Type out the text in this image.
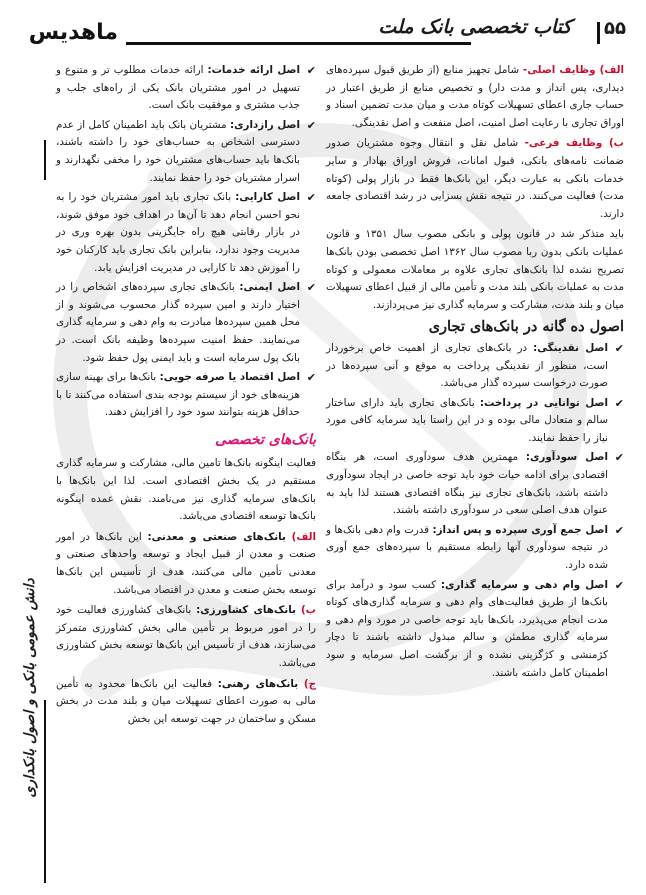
۵۵
کتاب تخصصی بانک ملت
ماهدیس
دانش عمومی بانکی و اصول بانکداری

الف) وظایف اصلی- شامل تجهیز منابع (از طریق قبول سپرده‌های دیداری، پس انداز و مدت دار) و تخصیص منابع از طریق اعتبار در حساب جاری اعطای تسهیلات کوتاه مدت و میان مدت تضمین اسناد و اوراق تجاری با رعایت اصل امنیت، اصل منفعت و اصل نقدینگی.

ب) وظایف فرعی- شامل نقل و انتقال وجوه مشتریان صدور ضمانت نامه‌های بانکی، قبول امانات، فروش اوراق بهادار و سایر خدمات بانکی به عبارت دیگر، این بانک‌ها فقط در بازار پولی (کوتاه مدت) فعالیت می‌کنند. در نتیجه نقش بسزایی در رشد اقتصادی جامعه دارند.

باید متذکر شد در قانون پولی و بانکی مصوب سال ۱۳۵۱ و قانون عملیات بانکی بدون ربا مصوب سال ۱۳۶۲ اصل تخصصی بودن بانک‌ها تصریح نشده لذا بانک‌های تجاری علاوه بر معاملات معمولی و کوتاه مدت به عملیات بانکی بلند مدت و تأمین مالی از قبیل اعطای تسهیلات میان و بلند مدت، مشارکت و سرمایه گذاری نیز می‌پردازند.

اصول ده گانه در بانک‌های تجاری
✔
اصل نقدینگی: در بانک‌های تجاری از اهمیت خاص برخوردار است، منظور از نقدینگی پرداخت به موقع و آنی سپرده‌ها در صورت درخواست سپرده گذار می‌باشد.
✔
اصل توانایی در پرداخت: بانک‌های تجاری باید دارای ساختار سالم و متعادل مالی بوده و در این راستا باید سرمایه کافی مورد نیاز را حفظ نمایند.
✔
اصل سودآوری: مهمترین هدف سودآوری است، هر بنگاه اقتصادی برای ادامه حیات خود باید توجه خاصی در ایجاد سودآوری داشته باشد، بانک‌های تجاری نیز بنگاه اقتصادی هستند لذا باید به عنوان هدف اصلی سعی در سودآوری داشته باشند.
✔
اصل جمع آوری سپرده و پس انداز: قدرت وام دهی بانک‌ها و در نتیجه سودآوری آنها رابطه مستقیم با سپرده‌های جمع آوری شده دارد.
✔
اصل وام دهی و سرمایه گذاری: کسب سود و درآمد برای بانک‌ها از طریق فعالیت‌های وام دهی و سرمایه گذاری‌های کوتاه مدت انجام می‌پذیرد، بانک‌ها باید توجه خاصی در مورد وام دهی و سرمایه گذاری مطمئن و سالم مبذول داشته باشند تا دچار کژمنشی و کژگزینی نشده و از برگشت اصل سرمایه و سود اطمینان کامل داشته باشند.
✔
اصل ارائه خدمات: ارائه خدمات مطلوب تر و متنوع و تسهیل در امور مشتریان بانک یکی از راه‌های جلب و جذب مشتری و موفقیت بانک است.
✔
اصل رازداری: مشتریان بانک باید اطمینان کامل از عدم دسترسی اشخاص به حساب‌های خود را داشته باشند، بانک‌ها باید حساب‌های مشتریان خود را مخفی نگهدارند و اسرار مشتریان خود را حفظ نمایند.
✔
اصل کارایی: بانک تجاری باید امور مشتریان خود را به نحو احسن انجام دهد تا آن‌ها در اهداف خود موفق شوند، در بازار رقابتی هیچ راه جایگزینی بدون بهره وری در مدیریت وجود ندارد، بنابراین بانک تجاری باید کارکنان خود را آموزش دهد تا کارایی در مدیریت افزایش یابد.
✔
اصل ایمنی: بانک‌های تجاری سپرده‌های اشخاص را در اختیار دارند و امین سپرده گذار محسوب می‌شوند و از محل همین سپرده‌ها مبادرت به وام دهی و سرمایه گذاری می‌نمایند. حفظ امنیت سپرده‌ها وظیفه بانک است. در بانک پول سرمایه است و باید ایمنی پول حفظ شود.
✔
اصل اقتصاد یا صرفه جویی: بانک‌ها برای بهینه سازی هزینه‌های خود از سیستم بودجه بندی استفاده می‌کنند تا با حداقل هزینه بتوانند سود خود را افزایش دهند.
بانک‌های تخصصی

فعالیت اینگونه بانک‌ها تامین مالی، مشارکت و سرمایه گذاری مستقیم در یک بخش اقتصادی است. لذا این بانک‌ها با بانک‌های سرمایه گذاری نیز می‌نامند. نقش عمده اینگونه بانک‌ها توسعه اقتصادی می‌باشد.

الف) بانک‌های صنعتی و معدنی: این بانک‌ها در امور صنعت و معدن از قبیل ایجاد و توسعه واحدهای صنعتی و معدنی تأمین مالی می‌کنند، هدف از تأسیس این بانک‌ها توسعه بخش صنعت و معدن در اقتصاد می‌باشد.

ب) بانک‌های کشاورزی: بانک‌های کشاورزی فعالیت خود را در امور مربوط بر تأمین مالی بخش کشاورزی متمرکز می‌سازند، هدف از تأسیس این بانک‌ها توسعه بخش کشاورزی می‌باشد.

ج) بانک‌های رهنی: فعالیت این بانک‌ها محدود به تأمین مالی به صورت اعطای تسهیلات میان و بلند مدت در بخش مسکن و ساختمان در جهت توسعه این بخش
